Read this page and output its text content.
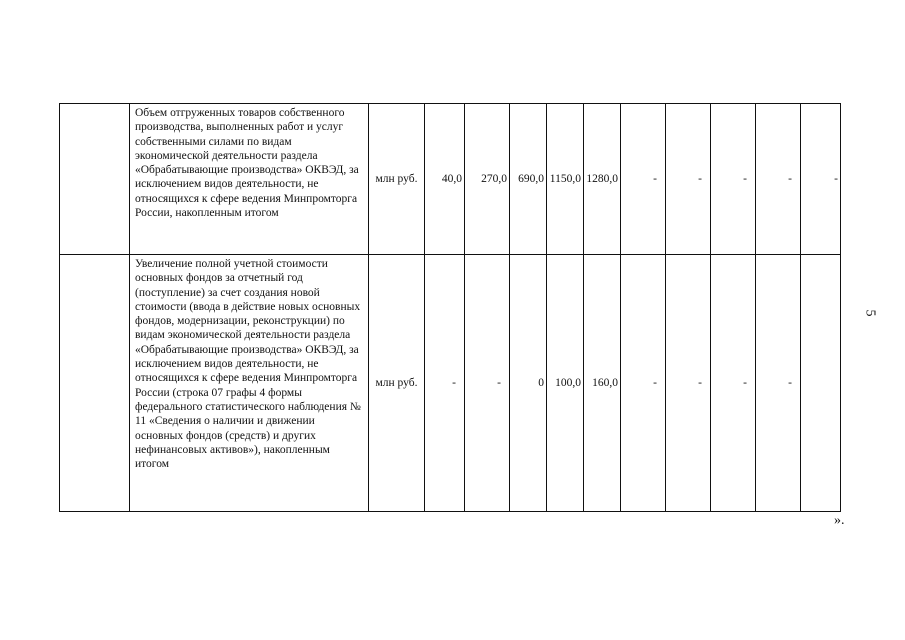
	Объем отгруженных товаров собственного производства, выполненных работ и услуг собственными силами по видам экономической деятельности раздела «Обрабатывающие производства» ОКВЭД, за исключением видов деятельности, не относящихся к сфере ведения Минпромторга России, накопленным итогом	млн руб.	40,0	270,0	690,0	1150,0	1280,0	-	-	-	-	-
	Увеличение полной учетной стоимости основных фондов за отчетный год (поступление) за счет создания новой стоимости (ввода в действие новых основных фондов, модернизации, реконструкции) по видам экономической деятельности раздела «Обрабатывающие производства» ОКВЭД, за исключением видов деятельности, не относящихся к сфере ведения Минпромторга России (строка 07 графы 4 формы федерального статистического наблюдения № 11 «Сведения о наличии и движении основных фондов (средств) и других нефинансовых активов»), накопленным итогом	млн руб.	-	-	0	100,0	160,0	-	-	-	-	
5
».
